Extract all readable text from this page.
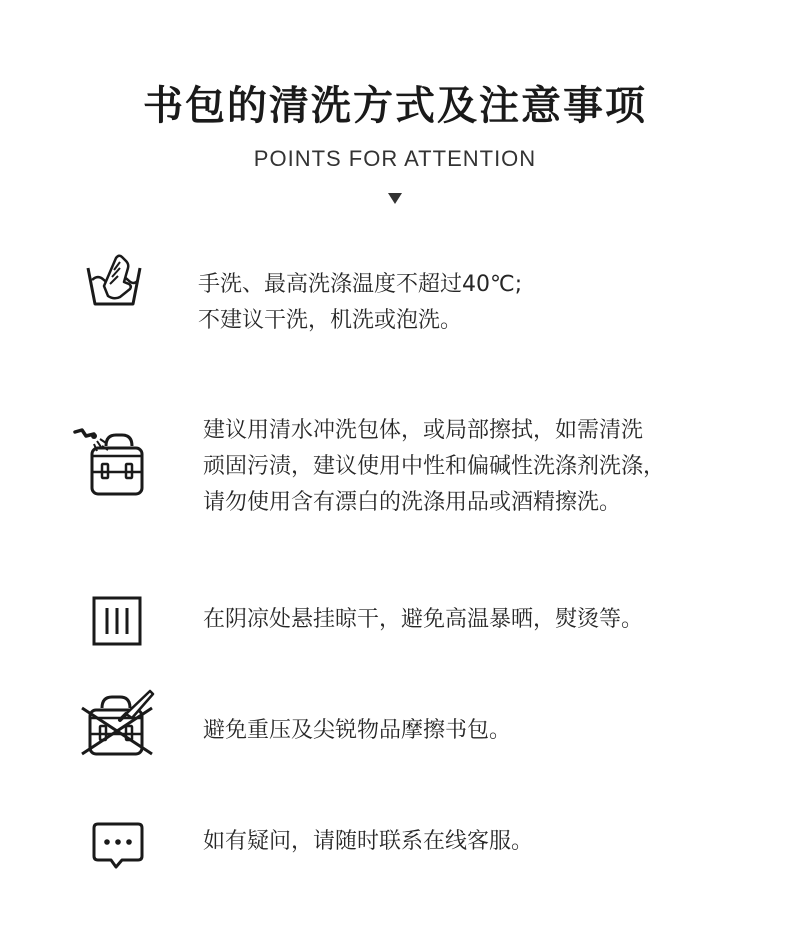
书包的清洗方式及注意事项
POINTS FOR ATTENTION
手洗、最高洗涤温度不超过40℃;
不建议干洗，机洗或泡洗。
建议用清水冲洗包体，或局部擦拭，如需清洗
顽固污渍，建议使用中性和偏碱性洗涤剂洗涤，
请勿使用含有漂白的洗涤用品或酒精擦洗。
在阴凉处悬挂晾干，避免高温暴晒，熨烫等。
避免重压及尖锐物品摩擦书包。
如有疑问，请随时联系在线客服。
